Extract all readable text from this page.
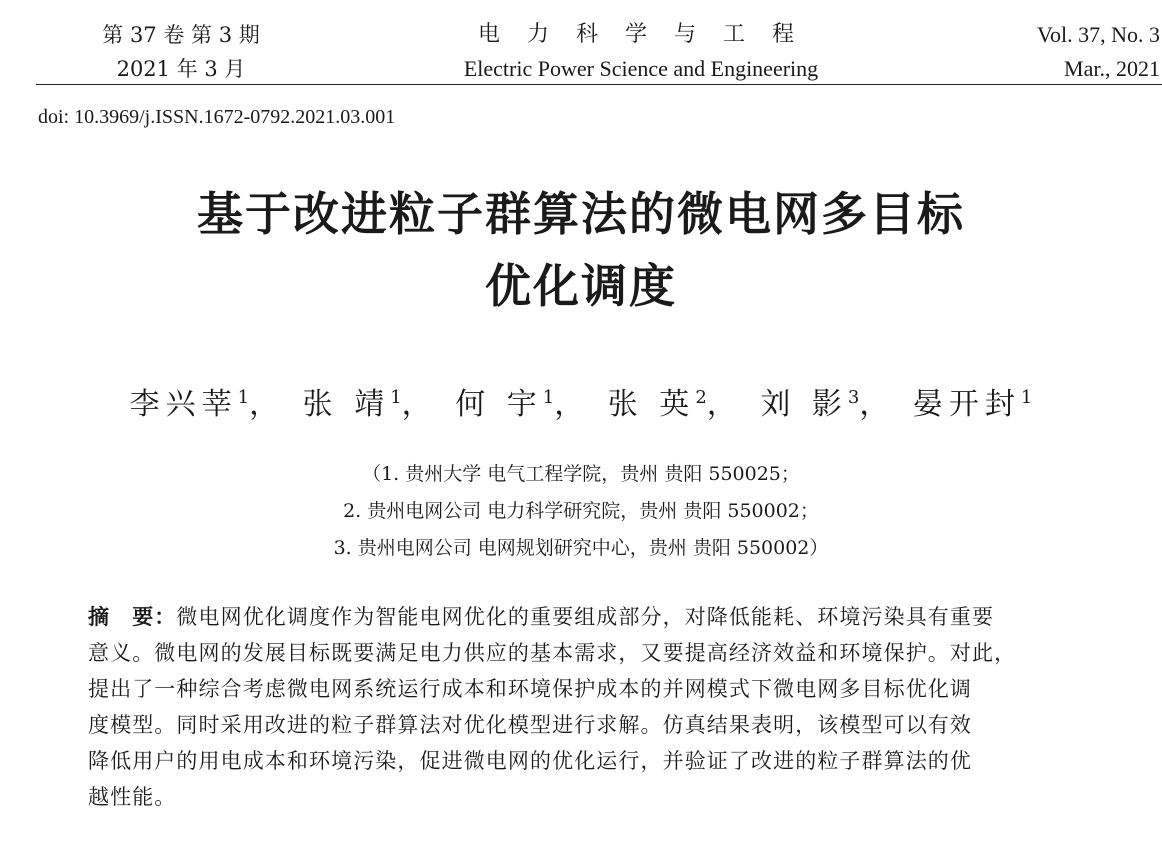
第 37 卷 第 3 期
2021 年 3 月
电 力 科 学 与 工 程
Electric Power Science and Engineering
Vol. 37, No. 3
Mar., 2021
doi: 10.3969/j.ISSN.1672-0792.2021.03.001
基于改进粒子群算法的微电网多目标
优化调度
李兴莘$^1$， 张 靖$^1$， 何 宇$^1$， 张 英$^2$， 刘 影$^3$， 晏开封$^1$
（1. 贵州大学 电气工程学院，贵州 贵阳 550025；
2. 贵州电网公司 电力科学研究院，贵州 贵阳 550002；
3. 贵州电网公司 电网规划研究中心，贵州 贵阳 550002）
摘　要：微电网优化调度作为智能电网优化的重要组成部分，对降低能耗、环境污染具有重要
意义。微电网的发展目标既要满足电力供应的基本需求，又要提高经济效益和环境保护。对此，
提出了一种综合考虑微电网系统运行成本和环境保护成本的并网模式下微电网多目标优化调
度模型。同时采用改进的粒子群算法对优化模型进行求解。仿真结果表明，该模型可以有效
降低用户的用电成本和环境污染，促进微电网的优化运行，并验证了改进的粒子群算法的优
越性能。
